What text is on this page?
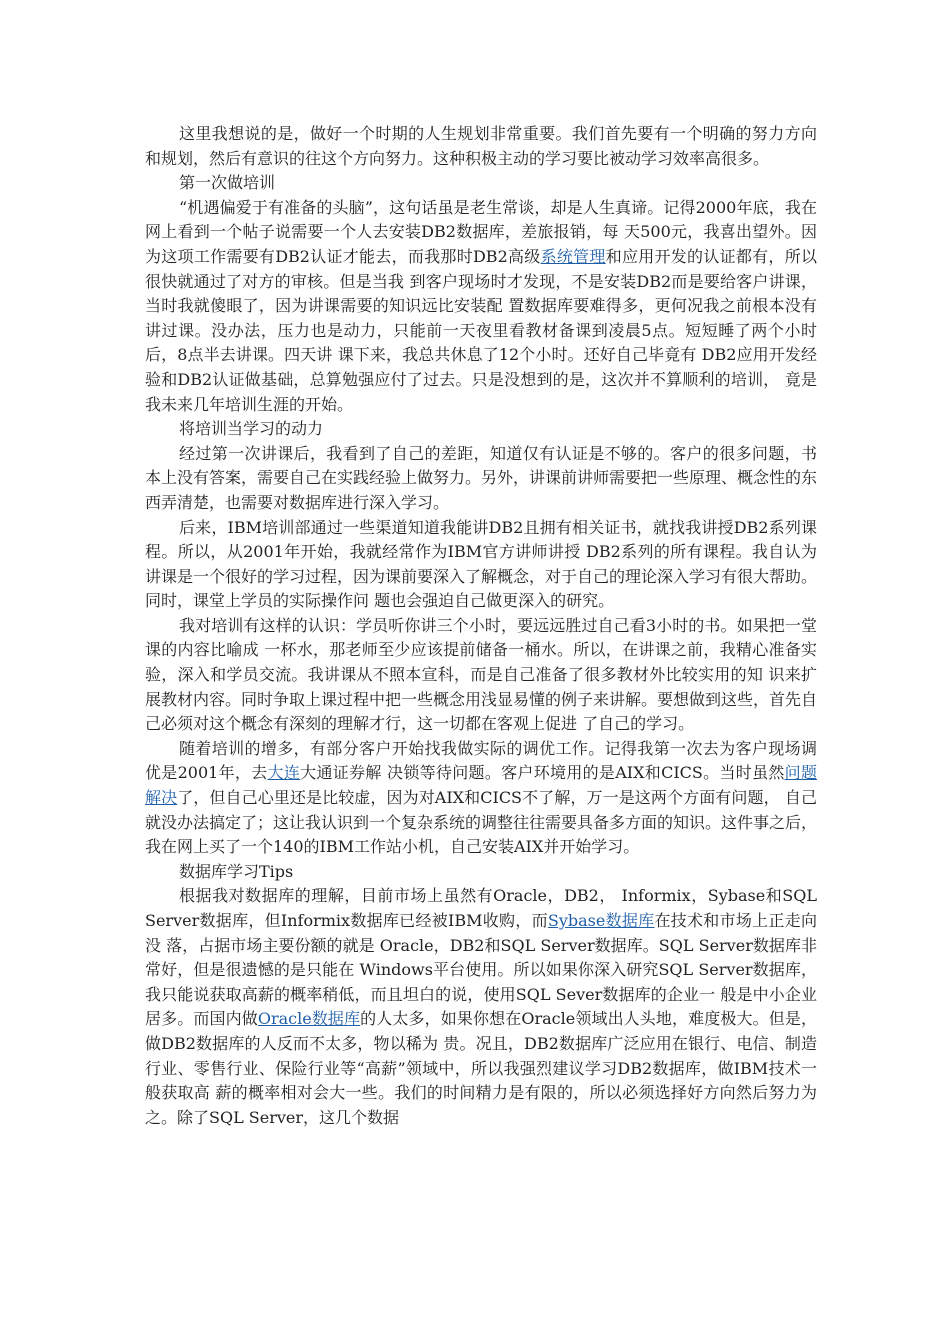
这里我想说的是，做好一个时期的人生规划非常重要。我们首先要有一个明确的努力方向和规划，然后有意识的往这个方向努力。这种积极主动的学习要比被动学习效率高很多。

第一次做培训

“机遇偏爱于有准备的头脑”，这句话虽是老生常谈，却是人生真谛。记得2000年底，我在网上看到一个帖子说需要一个人去安装DB2数据库，差旅报销，每 天500元，我喜出望外。因为这项工作需要有DB2认证才能去，而我那时DB2高级系统管理和应用开发的认证都有，所以很快就通过了对方的审核。但是当我 到客户现场时才发现，不是安装DB2而是要给客户讲课，当时我就傻眼了，因为讲课需要的知识远比安装配 置数据库要难得多，更何况我之前根本没有讲过课。没办法，压力也是动力，只能前一天夜里看教材备课到凌晨5点。短短睡了两个小时后，8点半去讲课。四天讲 课下来，我总共休息了12个小时。还好自己毕竟有 DB2应用开发经验和DB2认证做基础，总算勉强应付了过去。只是没想到的是，这次并不算顺利的培训， 竟是我未来几年培训生涯的开始。

将培训当学习的动力

经过第一次讲课后，我看到了自己的差距，知道仅有认证是不够的。客户的很多问题，书本上没有答案，需要自己在实践经验上做努力。另外，讲课前讲师需要把一些原理、概念性的东西弄清楚，也需要对数据库进行深入学习。

后来，IBM培训部通过一些渠道知道我能讲DB2且拥有相关证书，就找我讲授DB2系列课程。所以，从2001年开始，我就经常作为IBM官方讲师讲授 DB2系列的所有课程。我自认为讲课是一个很好的学习过程，因为课前要深入了解概念，对于自己的理论深入学习有很大帮助。同时，课堂上学员的实际操作问 题也会强迫自己做更深入的研究。

我对培训有这样的认识：学员听你讲三个小时，要远远胜过自己看3小时的书。如果把一堂课的内容比喻成 一杯水，那老师至少应该提前储备一桶水。所以，在讲课之前，我精心准备实验，深入和学员交流。我讲课从不照本宣科，而是自己准备了很多教材外比较实用的知 识来扩展教材内容。同时争取上课过程中把一些概念用浅显易懂的例子来讲解。要想做到这些，首先自己必须对这个概念有深刻的理解才行，这一切都在客观上促进 了自己的学习。

随着培训的增多，有部分客户开始找我做实际的调优工作。记得我第一次去为客户现场调优是2001年，去大连大通证券解 决锁等待问题。客户环境用的是AIX和CICS。当时虽然问题解决了，但自己心里还是比较虚，因为对AIX和CICS不了解，万一是这两个方面有问题， 自己就没办法搞定了；这让我认识到一个复杂系统的调整往往需要具备多方面的知识。这件事之后，我在网上买了一个140的IBM工作站小机，自己安装AIX并开始学习。

数据库学习Tips

根据我对数据库的理解，目前市场上虽然有Oracle，DB2， Informix，Sybase和SQL Server数据库，但Informix数据库已经被IBM收购，而Sybase数据库在技术和市场上正走向没 落，占据市场主要份额的就是 Oracle，DB2和SQL Server数据库。SQL Server数据库非常好，但是很遗憾的是只能在 Windows平台使用。所以如果你深入研究SQL Server数据库，我只能说获取高薪的概率稍低，而且坦白的说，使用SQL Sever数据库的企业一 般是中小企业居多。而国内做Oracle数据库的人太多，如果你想在Oracle领域出人头地，难度极大。但是，做DB2数据库的人反而不太多，物以稀为 贵。况且，DB2数据库广泛应用在银行、电信、制造行业、零售行业、保险行业等“高薪”领域中，所以我强烈建议学习DB2数据库，做IBM技术一般获取高 薪的概率相对会大一些。我们的时间精力是有限的，所以必须选择好方向然后努力为之。除了SQL Server，这几个数据
